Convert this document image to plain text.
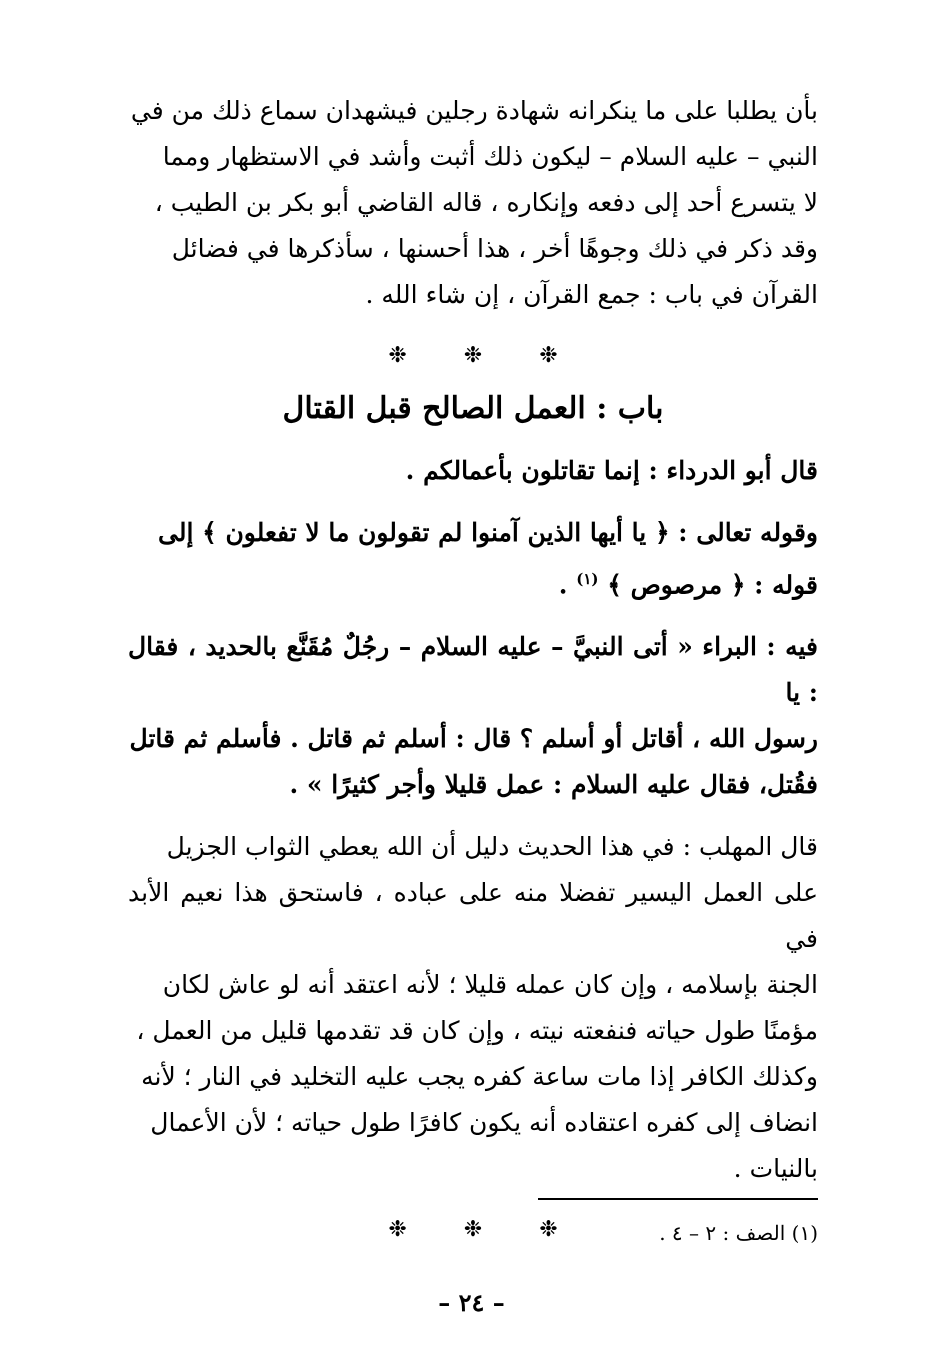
بأن يطلبا على ما ينكرانه شهادة رجلين فيشهدان سماع ذلك من في

النبي – عليه السلام – ليكون ذلك أثبت وأشد في الاستظهار ومما

لا يتسرع أحد إلى دفعه وإنكاره ، قاله القاضي أبو بكر بن الطيب ،

وقد ذكر في ذلك وجوهًا أخر ، هذا أحسنها ، سأذكرها في فضائل

القرآن في باب : جمع القرآن ، إن شاء الله .

❉ ❉ ❉
باب : العمل الصالح قبل القتال

قال أبو الدرداء : إنما تقاتلون بأعمالكم .

وقوله تعالى : ﴿ يا أيها الذين آمنوا لم تقولون ما لا تفعلون ﴾ إلى

قوله : ﴿ مرصوص ﴾ $^{(١)}$ .

فيه : البراء « أتى النبيَّ – عليه السلام – رجُلٌ مُقَنَّع بالحديد ، فقال : يا

رسول الله ، أقاتل أو أسلم ؟ قال : أسلم ثم قاتل . فأسلم ثم قاتل

فقُتل، فقال عليه السلام : عمل قليلا وأجر كثيرًا » .

قال المهلب : في هذا الحديث دليل أن الله يعطي الثواب الجزيل

على العمل اليسير تفضلا منه على عباده ، فاستحق هذا نعيم الأبد في

الجنة بإسلامه ، وإن كان عمله قليلا ؛ لأنه اعتقد أنه لو عاش لكان

مؤمنًا طول حياته فنفعته نيته ، وإن كان قد تقدمها قليل من العمل ،

وكذلك الكافر إذا مات ساعة كفره يجب عليه التخليد في النار ؛ لأنه

انضاف إلى كفره اعتقاده أنه يكون كافرًا طول حياته ؛ لأن الأعمال

بالنيات .

❉ ❉ ❉	(١) الصف : ٢ – ٤ .
– ٢٤ –
